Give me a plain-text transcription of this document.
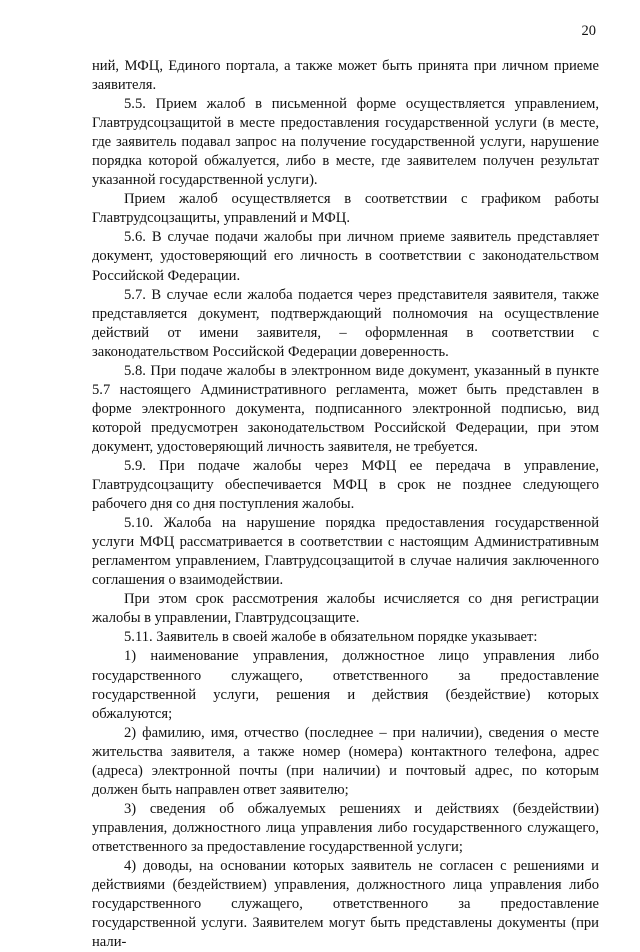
20

ний, МФЦ, Единого портала, а также может быть принята при личном приеме заявителя.

5.5. Прием жалоб в письменной форме осуществляется управлением, Главтрудсоцзащитой в месте предоставления государственной услуги (в месте, где заявитель подавал запрос на получение государственной услуги, нарушение порядка которой обжалуется, либо в месте, где заявителем получен результат указанной государственной услуги).

Прием жалоб осуществляется в соответствии с графиком работы Главтрудсоцзащиты, управлений и МФЦ.

5.6. В случае подачи жалобы при личном приеме заявитель представляет документ, удостоверяющий его личность в соответствии с законодательством Российской Федерации.

5.7. В случае если жалоба подается через представителя заявителя, также представляется документ, подтверждающий полномочия на осуществление действий от имени заявителя, – оформленная в соответствии с законодательством Российской Федерации доверенность.

5.8. При подаче жалобы в электронном виде документ, указанный в пункте 5.7 настоящего Административного регламента, может быть представлен в форме электронного документа, подписанного электронной подписью, вид которой предусмотрен законодательством Российской Федерации, при этом документ, удостоверяющий личность заявителя, не требуется.

5.9. При подаче жалобы через МФЦ ее передача в управление, Главтрудсоцзащиту обеспечивается МФЦ в срок не позднее следующего рабочего дня со дня поступления жалобы.

5.10. Жалоба на нарушение порядка предоставления государственной услуги МФЦ рассматривается в соответствии с настоящим Административным регламентом управлением, Главтрудсоцзащитой в случае наличия заключенного соглашения о взаимодействии.

При этом срок рассмотрения жалобы исчисляется со дня регистрации жалобы в управлении, Главтрудсоцзащите.

5.11. Заявитель в своей жалобе в обязательном порядке указывает:

1) наименование управления, должностное лицо управления либо государственного служащего, ответственного за предоставление государственной услуги, решения и действия (бездействие) которых обжалуются;

2) фамилию, имя, отчество (последнее – при наличии), сведения о месте жительства заявителя, а также номер (номера) контактного телефона, адрес (адреса) электронной почты (при наличии) и почтовый адрес, по которым должен быть направлен ответ заявителю;

3) сведения об обжалуемых решениях и действиях (бездействии) управления, должностного лица управления либо государственного служащего, ответственного за предоставление государственной услуги;

4) доводы, на основании которых заявитель не согласен с решениями и действиями (бездействием) управления, должностного лица управления либо государственного служащего, ответственного за предоставление государственной услуги. Заявителем могут быть представлены документы (при нали-
